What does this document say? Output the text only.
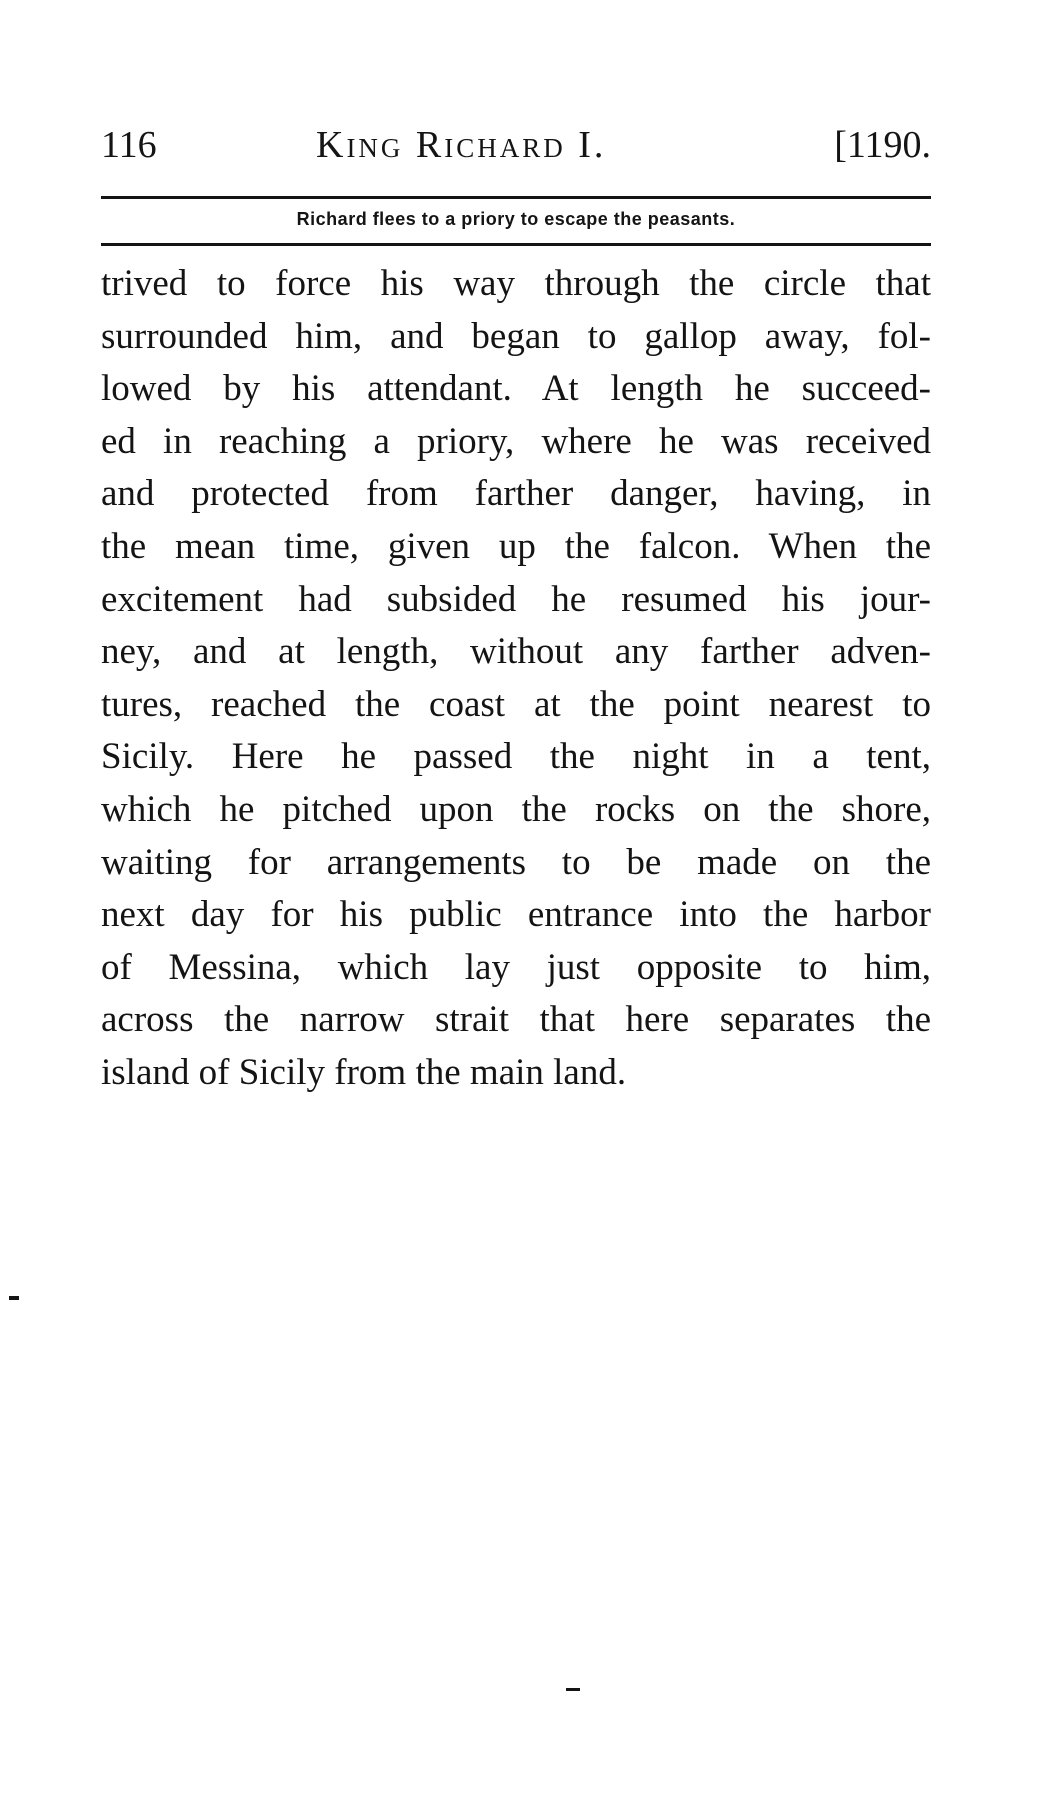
116	King Richard I.	[1190.
Richard flees to a priory to escape the peasants.
trived to force his way through the circle that
surrounded him, and began to gallop away, fol-
lowed by his attendant. At length he succeed-
ed in reaching a priory, where he was received
and protected from farther danger, having, in
the mean time, given up the falcon. When the
excitement had subsided he resumed his jour-
ney, and at length, without any farther adven-
tures, reached the coast at the point nearest to
Sicily. Here he passed the night in a tent,
which he pitched upon the rocks on the shore,
waiting for arrangements to be made on the
next day for his public entrance into the harbor
of Messina, which lay just opposite to him,
across the narrow strait that here separates the
island of Sicily from the main land.
